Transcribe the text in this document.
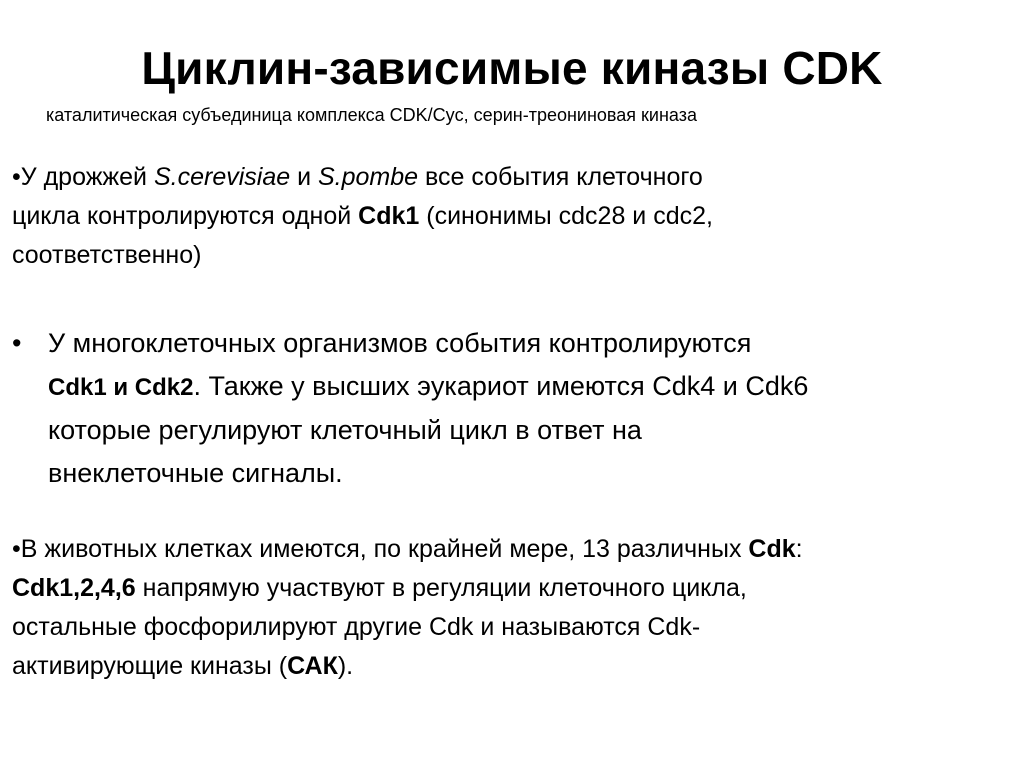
Циклин-зависимые киназы CDK
каталитическая субъединица комплекса CDK/Cyc, серин-треониновая киназа
•У дрожжей S.cerevisiae и S.pombe все события клеточного
цикла контролируются одной Cdk1 (синонимы cdc28 и cdc2,
соответственно)
• У многоклеточных организмов события контролируются
Cdk1 и Cdk2. Также у высших эукариот имеются Cdk4 и Cdk6
которые регулируют клеточный цикл в ответ на
внеклеточные сигналы.
•В животных клетках имеются, по крайней мере, 13 различных Cdk:
Cdk1,2,4,6 напрямую участвуют в регуляции клеточного цикла,
остальные фосфорилируют другие Cdk и называются Cdk-
активирующие киназы (САК).
